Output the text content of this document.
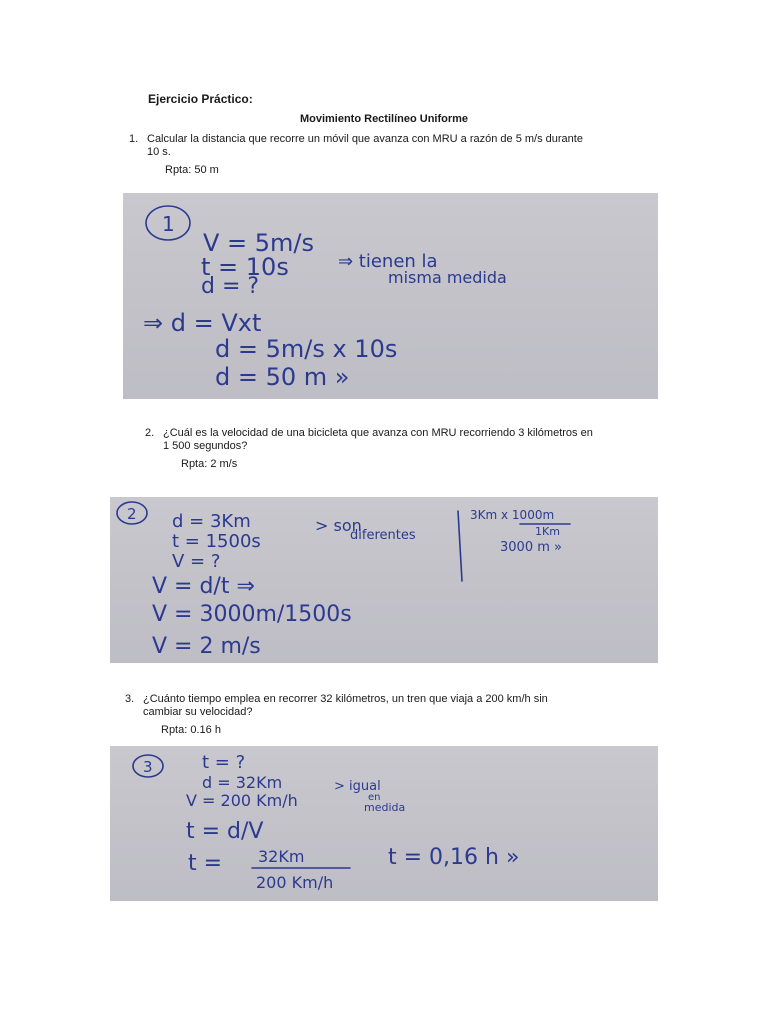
Ejercicio Práctico:
Movimiento Rectilíneo Uniforme
1. Calcular la distancia que recorre un móvil que avanza con MRU a razón de 5 m/s durante
10 s.
Rpta: 50 m
1
V = 5m/s
t = 10s
d = ?
⇒ tienen la
misma medida
⇒ d = Vxt
d = 5m/s x 10s
d = 50 m »
2. ¿Cuál es la velocidad de una bicicleta que avanza con MRU recorriendo 3 kilómetros en
1 500 segundos?
Rpta: 2 m/s
2 d = 3Km
t = 1500s
V = ?
> son
diferentes
3Km x 1000m
1Km
3000 m »
V = d/t ⇒
V = 3000m/1500s
V = 2 m/s
3. ¿Cuánto tiempo emplea en recorrer 32 kilómetros, un tren que viaja a 200 km/h sin
cambiar su velocidad?
Rpta: 0.16 h
3	t = ?
d = 32Km
V = 200 Km/h
> igual
en
medida
t = d/V
t = 32Km
200 Km/h
t = 0,16 h »
